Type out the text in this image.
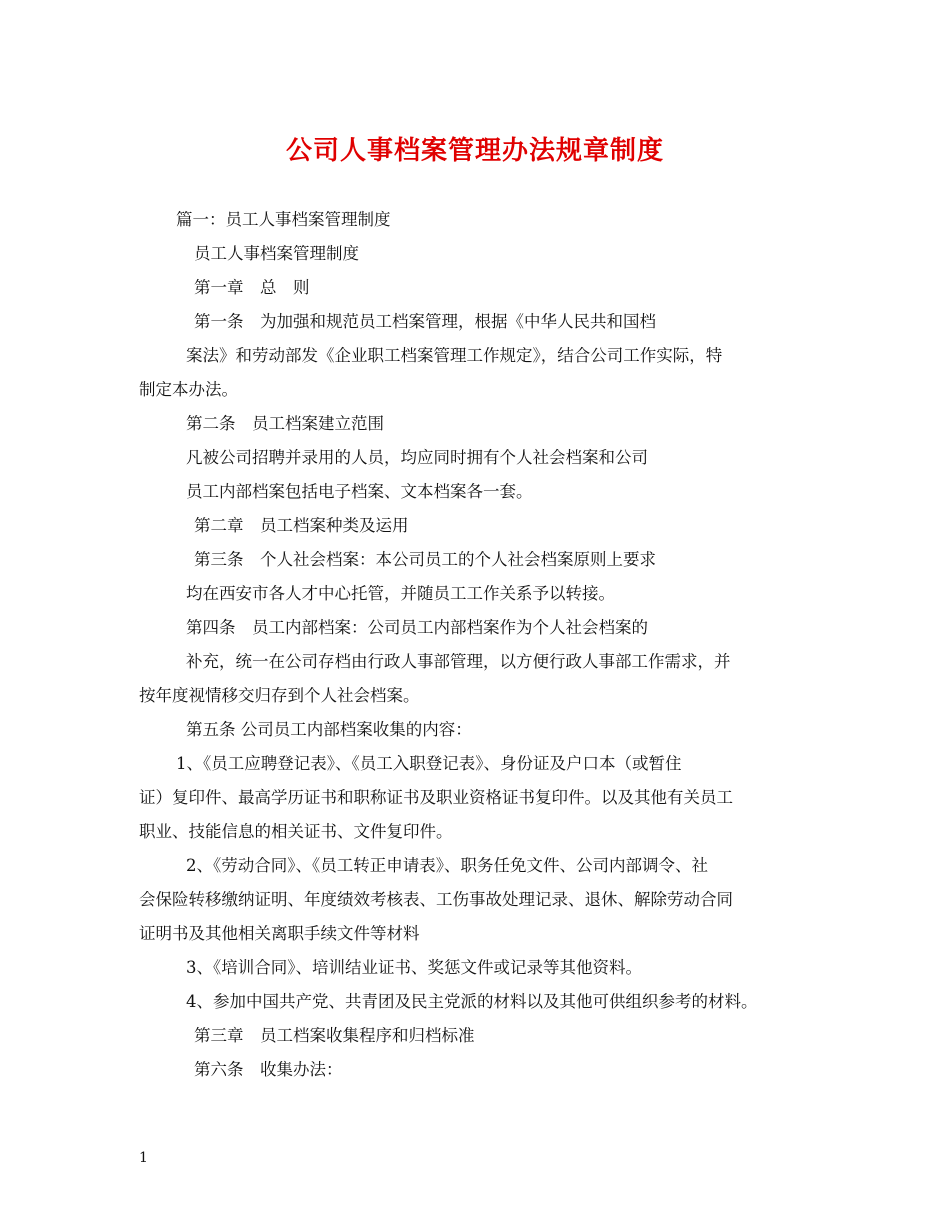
公司人事档案管理办法规章制度
篇一：员工人事档案管理制度
员工人事档案管理制度
第一章　总　则
第一条　为加强和规范员工档案管理，根据《中华人民共和国档
案法》和劳动部发《企业职工档案管理工作规定》，结合公司工作实际，特
制定本办法。
第二条　员工档案建立范围
凡被公司招聘并录用的人员，均应同时拥有个人社会档案和公司
员工内部档案包括电子档案、文本档案各一套。
第二章　员工档案种类及运用
第三条　个人社会档案：本公司员工的个人社会档案原则上要求
均在西安市各人才中心托管，并随员工工作关系予以转接。
第四条　员工内部档案：公司员工内部档案作为个人社会档案的
补充，统一在公司存档由行政人事部管理，以方便行政人事部工作需求，并
按年度视情移交归存到个人社会档案。
第五条 公司员工内部档案收集的内容：
1、《员工应聘登记表》、《员工入职登记表》、身份证及户口本（或暂住
证）复印件、最高学历证书和职称证书及职业资格证书复印件。以及其他有关员工
职业、技能信息的相关证书、文件复印件。
2、《劳动合同》、《员工转正申请表》、职务任免文件、公司内部调令、社
会保险转移缴纳证明、年度绩效考核表、工伤事故处理记录、退休、解除劳动合同
证明书及其他相关离职手续文件等材料
3、《培训合同》、培训结业证书、奖惩文件或记录等其他资料。
4、参加中国共产党、共青团及民主党派的材料以及其他可供组织参考的材料。
第三章　员工档案收集程序和归档标准
第六条　收集办法：
1
